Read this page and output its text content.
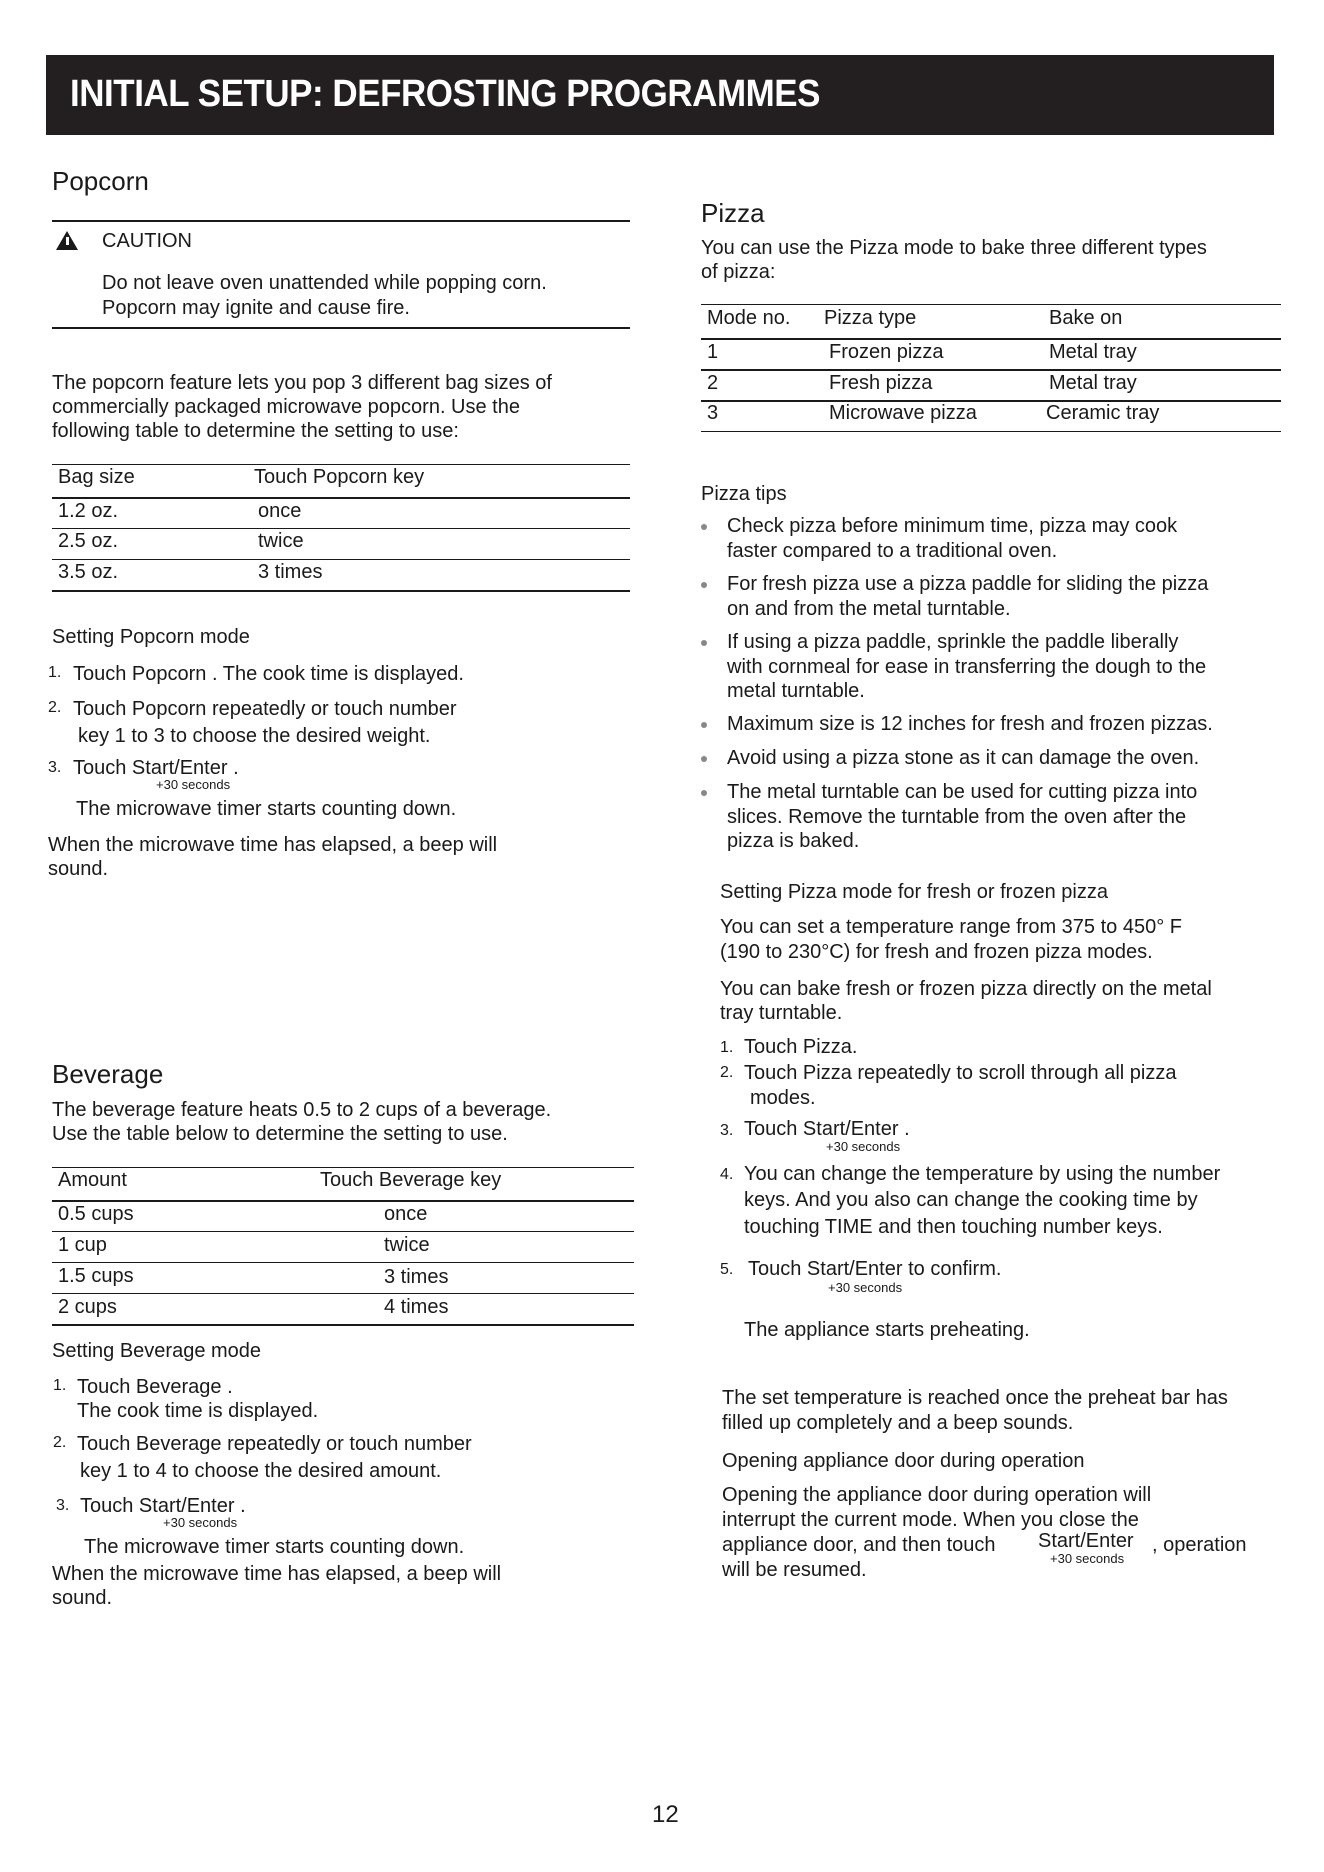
INITIAL SETUP: DEFROSTING PROGRAMMES
Popcorn
CAUTION
Do not leave oven unattended while popping corn.
Popcorn may ignite and cause fire.
The popcorn feature lets you pop 3 different bag sizes of
commercially packaged microwave popcorn. Use the
following table to determine the setting to use:
Bag size	Touch Popcorn key
1.2 oz.	once
2.5 oz.	twice
3.5 oz.	3 times
Setting Popcorn mode
1. Touch Popcorn . The cook time is displayed.
2. Touch Popcorn repeatedly or touch number
key 1 to 3 to choose the desired weight.
3. Touch Start/Enter .
+30 seconds
The microwave timer starts counting down.
When the microwave time has elapsed, a beep will
sound.
Beverage
The beverage feature heats 0.5 to 2 cups of a beverage.
Use the table below to determine the setting to use.
Amount	Touch Beverage key
0.5 cups	once
1 cup	twice
1.5 cups	3 times
2 cups	4 times
Setting Beverage mode
1. Touch Beverage .
The cook time is displayed.
2. Touch Beverage repeatedly or touch number
key 1 to 4 to choose the desired amount.
3. Touch Start/Enter .
+30 seconds
The microwave timer starts counting down.
When the microwave time has elapsed, a beep will
sound.
Pizza
You can use the Pizza mode to bake three different types
of pizza:
Mode no. Pizza type	Bake on
1	Frozen pizza	Metal tray
2	Fresh pizza	Metal tray
3	Microwave pizza	Ceramic tray
Pizza tips
Check pizza before minimum time, pizza may cook
faster compared to a traditional oven.
For fresh pizza use a pizza paddle for sliding the pizza
on and from the metal turntable.
If using a pizza paddle, sprinkle the paddle liberally
with cornmeal for ease in transferring the dough to the
metal turntable.
Maximum size is 12 inches for fresh and frozen pizzas.
Avoid using a pizza stone as it can damage the oven.
The metal turntable can be used for cutting pizza into
slices. Remove the turntable from the oven after the
pizza is baked.
Setting Pizza mode for fresh or frozen pizza
You can set a temperature range from 375 to 450° F
(190 to 230°C) for fresh and frozen pizza modes.
You can bake fresh or frozen pizza directly on the metal
tray turntable.
1. Touch Pizza.
2. Touch Pizza repeatedly to scroll through all pizza
modes.
3. Touch Start/Enter .
+30 seconds
4. You can change the temperature by using the number
keys. And you also can change the cooking time by
touching TIME and then touching number keys.
5. Touch Start/Enter to confirm.
+30 seconds
The appliance starts preheating.
The set temperature is reached once the preheat bar has
filled up completely and a beep sounds.
Opening appliance door during operation
Opening the appliance door during operation will
interrupt the current mode. When you close the
appliance door, and then touch Start/Enter , operation
+30 seconds
will be resumed.
12
